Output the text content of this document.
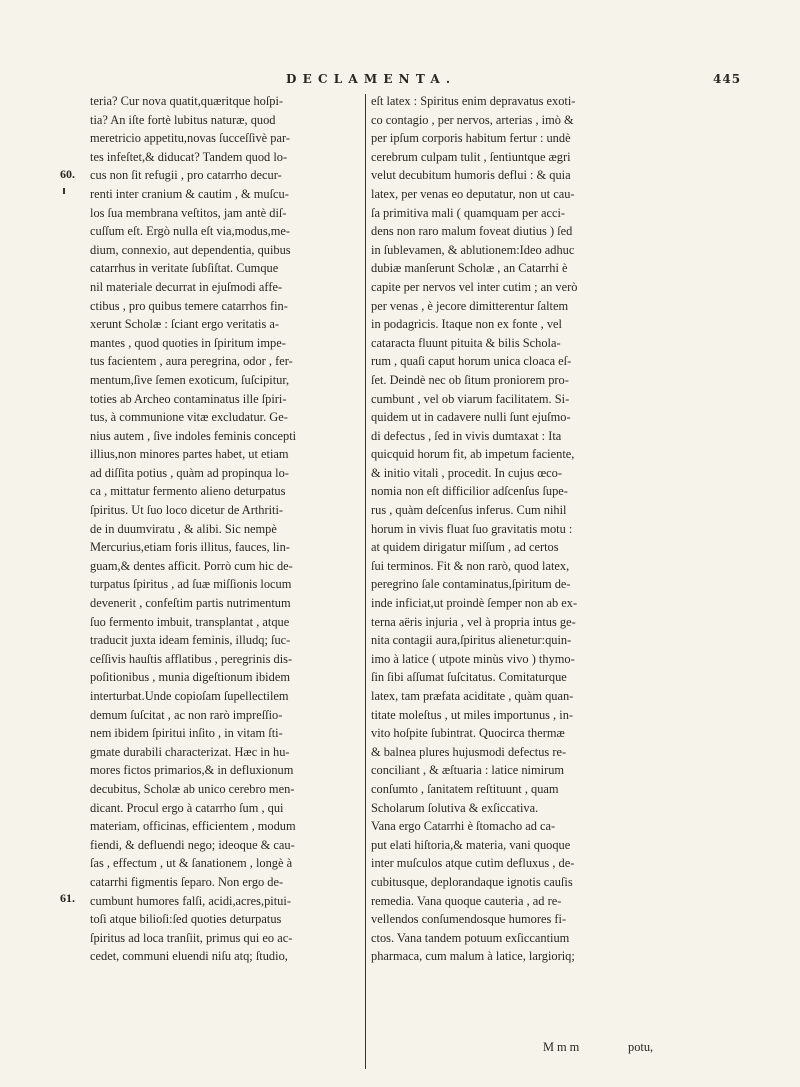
DECLAMENTA.	445
teria? Cur nova quatit,quæritque hoſpi-
tia? An iſte fortè lubitus naturæ, quod
meretricio appetitu,novas ſucceſſivè par-
tes infeſtet,& diducat? Tandem quod lo-
cus non ſit refugii , pro catarrho decur-
renti inter cranium & cautim , & muſcu-
los ſua membrana veſtitos, jam antè diſ-
cuſſum eſt. Ergò nulla eſt via,modus,me-
dium, connexio, aut dependentia, quibus
catarrhus in veritate ſubſiſtat. Cumque
nil materiale decurrat in ejuſmodi affe-
ctibus , pro quibus temere catarrhos fin-
xerunt Scholæ : ſciant ergo veritatis a-
mantes , quod quoties in ſpiritum impe-
tus facientem , aura peregrina, odor , fer-
mentum,ſive ſemen exoticum, ſuſcipitur,
toties ab Archeo contaminatus ille ſpiri-
tus, à communione vitæ excludatur. Ge-
nius autem , ſive indoles feminis concepti
illius,non minores partes habet, ut etiam
ad diſſita potius , quàm ad propinqua lo-
ca , mittatur fermento alieno deturpatus
ſpiritus. Ut ſuo loco dicetur de Arthriti-
de in duumviratu , & alibi. Sic nempè
Mercurius,etiam foris illitus, fauces, lin-
guam,& dentes afficit. Porrò cum hic de-
turpatus ſpiritus , ad ſuæ miſſionis locum
devenerit , confeſtim partis nutrimentum
ſuo fermento imbuit, transplantat , atque
traducit juxta ideam feminis, illudq; ſuc-
ceſſivis hauſtis afflatibus , peregrinis dis-
poſitionibus , munia digeſtionum ibidem
interturbat.Unde copioſam ſupellectilem
demum ſuſcitat , ac non rarò impreſſio-
nem ibidem ſpiritui inſito , in vitam ſti-
gmate durabili characterizat. Hæc in hu-
mores fictos primarios,& in defluxionum
decubitus, Scholæ ab unico cerebro men-
dicant. Procul ergo à catarrho ſum , qui
materiam, officinas, efficientem , modum
fiendi, & defluendi nego; ideoque & cau-
ſas , effectum , ut & ſanationem , longè à
catarrhi figmentis ſeparo. Non ergo de-
cumbunt humores falſi, acidi,acres,pitui-
toſi atque bilioſi:ſed quoties deturpatus
ſpiritus ad loca tranſiit, primus qui eo ac-
cedet, communi eluendi niſu atq; ſtudio,
eſt latex : Spiritus enim depravatus exoti-
co contagio , per nervos, arterias , imò &
per ipſum corporis habitum fertur : undè
cerebrum culpam tulit , ſentiuntque ægri
velut decubitum humoris deflui : & quia
latex, per venas eo deputatur, non ut cau-
ſa primitiva mali ( quamquam per acci-
dens non raro malum foveat diutius ) ſed
in ſublevamen, & ablutionem:Ideo adhuc
dubiæ manſerunt Scholæ , an Catarrhi è
capite per nervos vel inter cutim ; an verò
per venas , è jecore dimitterentur ſaltem
in podagricis. Itaque non ex fonte , vel
cataracta fluunt pituita & bilis Schola-
rum , quaſi caput horum unica cloaca eſ-
ſet. Deindè nec ob ſitum proniorem pro-
cumbunt , vel ob viarum facilitatem. Si-
quidem ut in cadavere nulli ſunt ejuſmo-
di defectus , ſed in vivis dumtaxat : Ita
quicquid horum fit, ab impetum faciente,
& initio vitali , procedit. In cujus œco-
nomia non eſt difficilior adſcenſus ſupe-
rus , quàm deſcenſus inferus. Cum nihil
horum in vivis fluat ſuo gravitatis motu :
at quidem dirigatur miſſum , ad certos
ſui terminos. Fit & non rarò, quod latex,
peregrino ſale contaminatus,ſpiritum de-
inde inficiat,ut proindè ſemper non ab ex-
terna aëris injuria , vel à propria intus ge-
nita contagii aura,ſpiritus alienetur:quin-
imo à latice ( utpote minùs vivo ) thymo-
ſin ſibi aſſumat ſuſcitatus. Comitaturque
latex, tam præfata aciditate , quàm quan-
titate moleſtus , ut miles importunus , in-
vito hoſpite ſubintrat. Quocirca thermæ
& balnea plures hujusmodi defectus re-
conciliant , & æſtuaria : latice nimirum
conſumto , ſanitatem reſtituunt , quam
Scholarum ſolutiva & exſiccativa.
Vana ergo Catarrhi è ſtomacho ad ca-
put elati hiſtoria,& materia, vani quoque
inter muſculos atque cutim defluxus , de-
cubitusque, deplorandaque ignotis cauſis
remedia. Vana quoque cauteria , ad re-
vellendos conſumendosque humores fi-
ctos. Vana tandem potuum exſiccantium
pharmaca, cum malum à latice, largioriq;
60.
61.
Mmm	potu,
